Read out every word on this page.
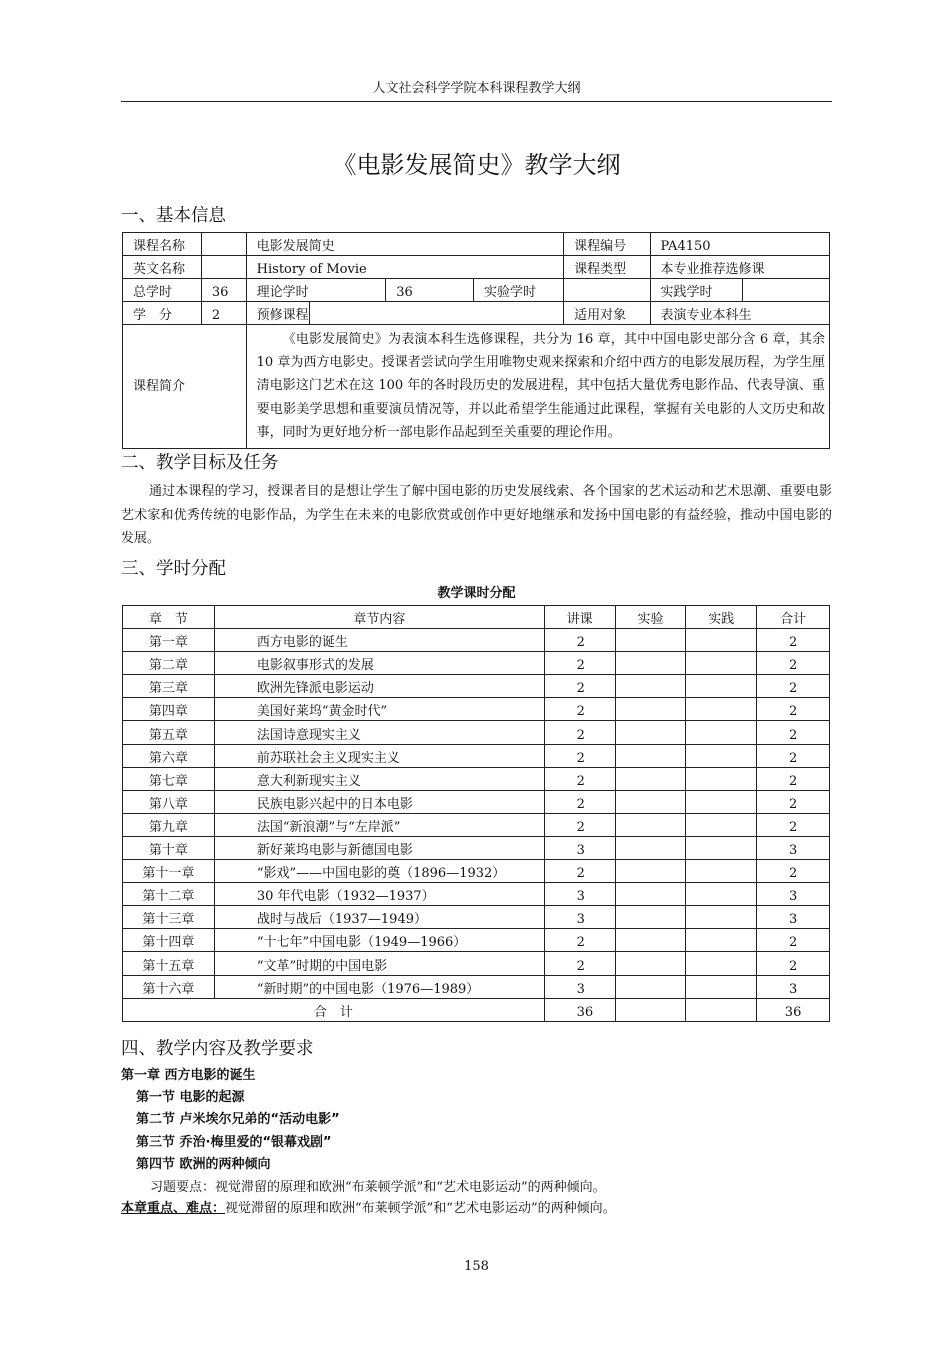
人文社会科学学院本科课程教学大纲
《电影发展简史》教学大纲
一、基本信息
课程名称		电影发展简史				课程编号	PA4150	
英文名称		History of Movie				课程类型	本专业推荐选修课	
总学时	36	理论学时		36	实验学时		实践学时	
学　分	2	预修课程				适用对象	表演专业本科生	
课程简介		《电影发展简史》为表演本科生选修课程，共分为 16 章，其中中国电影史部分含 6 章，其余 10 章为西方电影史。授课者尝试向学生用唯物史观来探索和介绍中西方的电影发展历程，为学生厘清电影这门艺术在这 100 年的各时段历史的发展进程，其中包括大量优秀电影作品、代表导演、重要电影美学思想和重要演员情况等，并以此希望学生能通过此课程，掌握有关电影的人文历史和故事，同时为更好地分析一部电影作品起到至关重要的理论作用。						
二、教学目标及任务
通过本课程的学习，授课者目的是想让学生了解中国电影的历史发展线索、各个国家的艺术运动和艺术思潮、重要电影艺术家和优秀传统的电影作品，为学生在未来的电影欣赏或创作中更好地继承和发扬中国电影的有益经验，推动中国电影的发展。
三、学时分配
教学课时分配
章　节	章节内容	讲课	实验	实践	合计
第一章	西方电影的诞生	2			2
第二章	电影叙事形式的发展	2			2
第三章	欧洲先锋派电影运动	2			2
第四章	美国好莱坞“黄金时代”	2			2
第五章	法国诗意现实主义	2			2
第六章	前苏联社会主义现实主义	2			2
第七章	意大利新现实主义	2			2
第八章	民族电影兴起中的日本电影	2			2
第九章	法国“新浪潮”与“左岸派”	2			2
第十章	新好莱坞电影与新德国电影	3			3
第十一章	“影戏”——中国电影的奠（1896—1932）	2			2
第十二章	30 年代电影（1932—1937）	3			3
第十三章	战时与战后（1937—1949）	3			3
第十四章	“十七年”中国电影（1949—1966）	2			2
第十五章	“文革”时期的中国电影	2			2
第十六章	“新时期”的中国电影（1976—1989）	3			3
合　计		36			36
四、教学内容及教学要求
第一章 西方电影的诞生
第一节 电影的起源
第二节 卢米埃尔兄弟的“活动电影”
第三节 乔治·梅里爱的“银幕戏剧”
第四节 欧洲的两种倾向
习题要点：视觉滞留的原理和欧洲“布莱顿学派”和“艺术电影运动”的两种倾向。
本章重点、难点：视觉滞留的原理和欧洲“布莱顿学派”和“艺术电影运动”的两种倾向。
158
